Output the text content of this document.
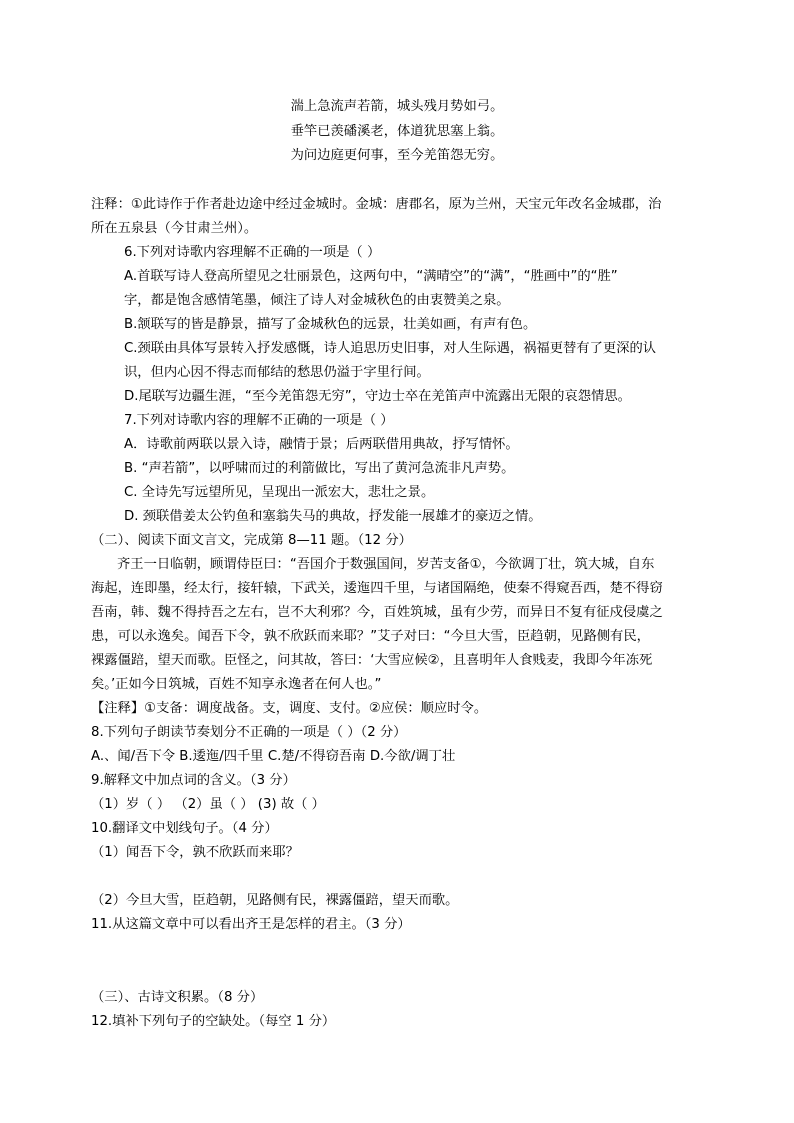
湍上急流声若箭，城头残月势如弓。
垂竿已羡磻溪老，体道犹思塞上翁。
为问边庭更何事，至今羌笛怨无穷。
注释：①此诗作于作者赴边途中经过金城时。金城：唐郡名，原为兰州，天宝元年改名金城郡，治
所在五泉县（今甘肃兰州）。
6.下列对诗歌内容理解不正确的一项是（ ）
A.首联写诗人登高所望见之壮丽景色，这两句中，“满晴空”的“满”，“胜画中”的“胜”
字，都是饱含感情笔墨，倾注了诗人对金城秋色的由衷赞美之泉。
B.颔联写的皆是静景，描写了金城秋色的远景，壮美如画，有声有色。
C.颈联由具体写景转入抒发感慨，诗人追思历史旧事，对人生际遇，祸福更替有了更深的认
识，但内心因不得志而郁结的愁思仍溢于字里行间。
D.尾联写边疆生涯，“至今羌笛怨无穷”，守边士卒在羌笛声中流露出无限的哀怨情思。
7.下列对诗歌内容的理解不正确的一项是（ ）
A．诗歌前两联以景入诗，融情于景；后两联借用典故，抒写情怀。
B. “声若箭”，以呼啸而过的利箭做比，写出了黄河急流非凡声势。
C. 全诗先写远望所见，呈现出一派宏大，悲壮之景。
D. 颈联借姜太公钓鱼和塞翁失马的典故，抒发能一展雄才的豪迈之情。
（二）、阅读下面文言文，完成第 8—11 题。（12 分）
齐王一日临朝，顾谓侍臣曰：“吾国介于数强国间，岁苦支备①，今欲调丁壮，筑大城，自东
海起，连即墨，经太行，接轩辕，下武关，逶迤四千里，与诸国隔绝，使秦不得窥吾西，楚不得窃
吾南，韩、魏不得持吾之左右，岂不大利邪？今，百姓筑城，虽有少劳，而异日不复有征戍侵虞之
患，可以永逸矣。闻吾下令，孰不欣跃而来耶？”艾子对曰：“今旦大雪，臣趋朝，见路侧有民，
裸露僵踣，望天而歌。臣怪之，问其故，答曰：‘大雪应候②，且喜明年人食贱麦，我即今年冻死
矣。’正如今日筑城，百姓不知享永逸者在何人也。”
【注释】①支备：调度战备。支，调度、支付。②应侯：顺应时令。
8.下列句子朗读节奏划分不正确的一项是（ ）（2 分）
A.、闻/吾下令 B.逶迤/四千里 C.楚/不得窃吾南 D.今欲/调丁壮
9.解释文中加点词的含义。（3 分）
（1）岁（ ） （2）虽（ ） (3) 故（ ）
10.翻译文中划线句子。（4 分）
（1）闻吾下令，孰不欣跃而来耶？
（2）今旦大雪，臣趋朝，见路侧有民，裸露僵踣，望天而歌。
11.从这篇文章中可以看出齐王是怎样的君主。（3 分）
（三）、古诗文积累。（8 分）
12.填补下列句子的空缺处。（每空 1 分）
